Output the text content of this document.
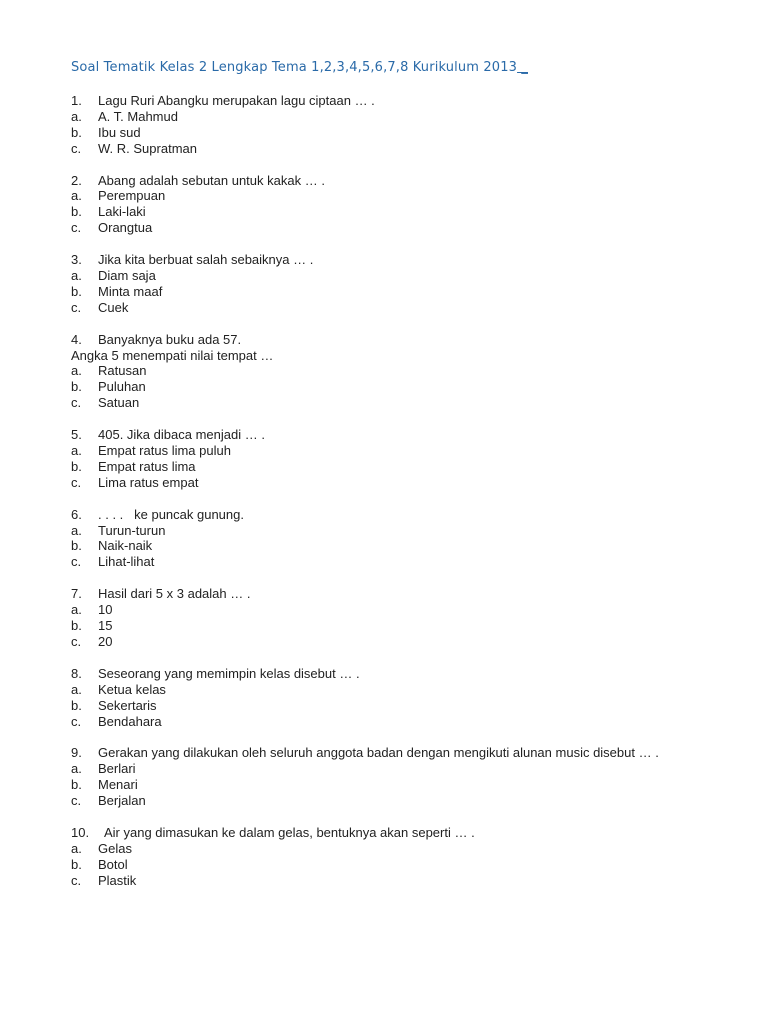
Soal Tematik Kelas 2 Lengkap Tema 1,2,3,4,5,6,7,8 Kurikulum 2013 _
1.	Lagu Ruri Abangku merupakan lagu ciptaan … .
a.	A. T. Mahmud
b.	Ibu sud
c.	W. R. Supratman
2.	Abang adalah sebutan untuk kakak … .
a.	Perempuan
b.	Laki-laki
c.	Orangtua
3.	Jika kita berbuat salah sebaiknya … .
a.	Diam saja
b.	Minta maaf
c.	Cuek
4.	Banyaknya buku ada 57.
Angka 5 menempati nilai tempat …
a.	Ratusan
b.	Puluhan
c.	Satuan
5.	405. Jika dibaca menjadi … .
a.	Empat ratus lima puluh
b.	Empat ratus lima
c.	Lima ratus empat
6.	. . . .   ke puncak gunung.
a.	Turun-turun
b.	Naik-naik
c.	Lihat-lihat
7.	Hasil dari 5 x 3 adalah … .
a.	10
b.	15
c.	20
8.	Seseorang yang memimpin kelas disebut … .
a.	Ketua kelas
b.	Sekertaris
c.	Bendahara
9.	Gerakan yang dilakukan oleh seluruh anggota badan dengan mengikuti alunan music disebut … .
a.	Berlari
b.	Menari
c.	Berjalan
10.	Air yang dimasukan ke dalam gelas, bentuknya akan seperti … .
a.	Gelas
b.	Botol
c.	Plastik
